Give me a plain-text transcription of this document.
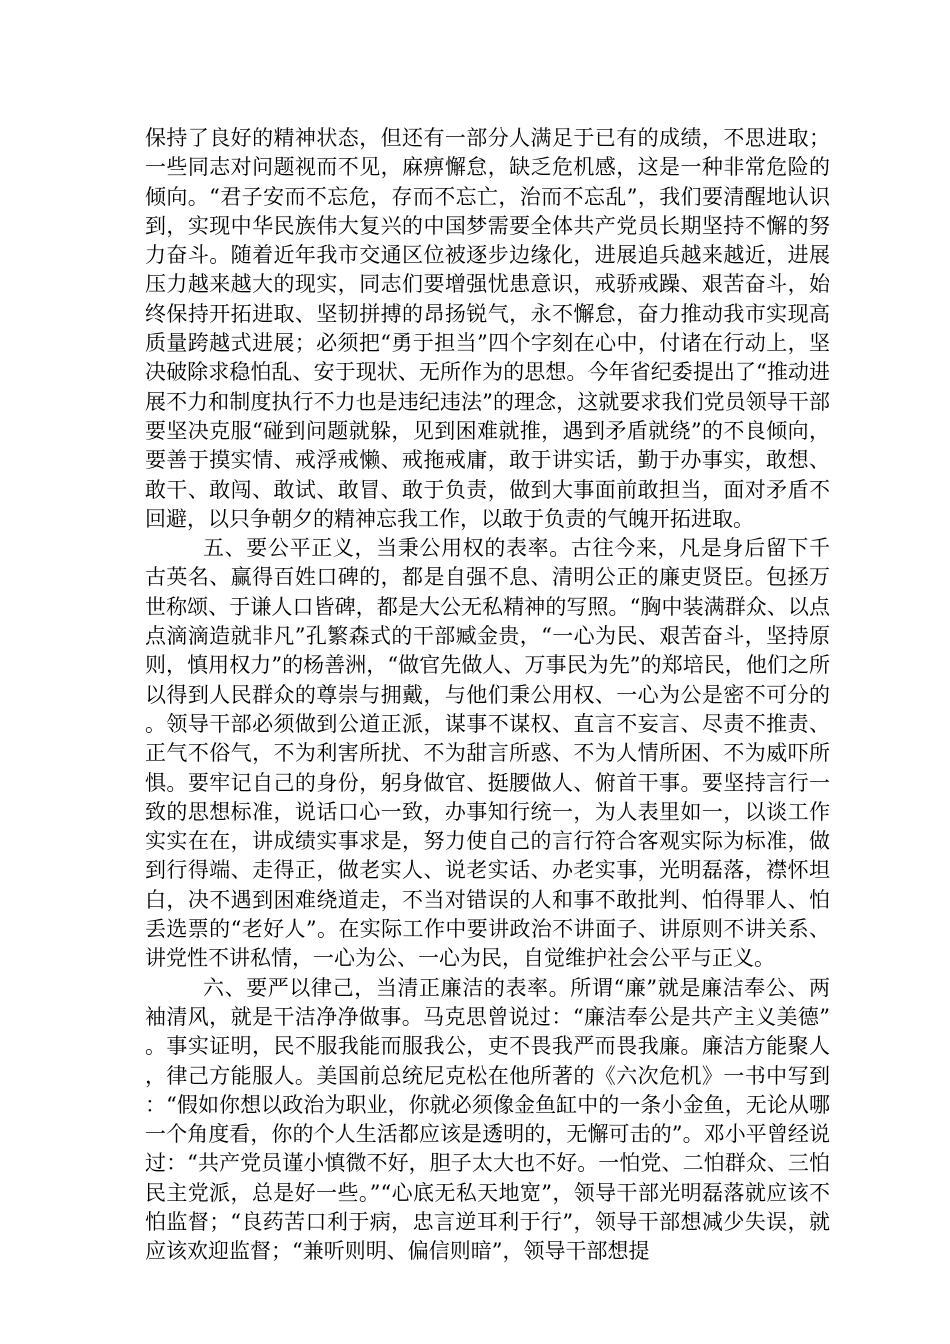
保持了良好的精神状态，但还有一部分人满足于已有的成绩，不思进取；一些同志对问题视而不见，麻痹懈怠，缺乏危机感，这是一种非常危险的倾向。“君子安而不忘危，存而不忘亡，治而不忘乱”，我们要清醒地认识到，实现中华民族伟大复兴的中国梦需要全体共产党员长期坚持不懈的努力奋斗。随着近年我市交通区位被逐步边缘化，进展追兵越来越近，进展压力越来越大的现实，同志们要增强忧患意识，戒骄戒躁、艰苦奋斗，始终保持开拓进取、坚韧拼搏的昂扬锐气，永不懈怠，奋力推动我市实现高质量跨越式进展；必须把“勇于担当”四个字刻在心中，付诸在行动上，坚决破除求稳怕乱、安于现状、无所作为的思想。今年省纪委提出了“推动进展不力和制度执行不力也是违纪违法”的理念，这就要求我们党员领导干部要坚决克服“碰到问题就躲，见到困难就推，遇到矛盾就绕”的不良倾向，要善于摸实情、戒浮戒懒、戒拖戒庸，敢于讲实话，勤于办事实，敢想、敢干、敢闯、敢试、敢冒、敢于负责，做到大事面前敢担当，面对矛盾不回避，以只争朝夕的精神忘我工作，以敢于负责的气魄开拓进取。

五、要公平正义，当秉公用权的表率。古往今来，凡是身后留下千古英名、赢得百姓口碑的，都是自强不息、清明公正的廉吏贤臣。包拯万世称颂、于谦人口皆碑，都是大公无私精神的写照。“胸中装满群众、以点点滴滴造就非凡”孔繁森式的干部臧金贵，“一心为民、艰苦奋斗，坚持原则，慎用权力”的杨善洲，“做官先做人、万事民为先”的郑培民，他们之所以得到人民群众的尊崇与拥戴，与他们秉公用权、一心为公是密不可分的。领导干部必须做到公道正派，谋事不谋权、直言不妄言、尽责不推责、正气不俗气，不为利害所扰、不为甜言所惑、不为人情所困、不为威吓所惧。要牢记自己的身份，躬身做官、挺腰做人、俯首干事。要坚持言行一致的思想标准，说话口心一致，办事知行统一，为人表里如一，以谈工作实实在在，讲成绩实事求是，努力使自己的言行符合客观实际为标准，做到行得端、走得正，做老实人、说老实话、办老实事，光明磊落，襟怀坦白，决不遇到困难绕道走，不当对错误的人和事不敢批判、怕得罪人、怕丢选票的“老好人”。在实际工作中要讲政治不讲面子、讲原则不讲关系、讲党性不讲私情，一心为公、一心为民，自觉维护社会公平与正义。

六、要严以律己，当清正廉洁的表率。所谓“廉”就是廉洁奉公、两袖清风，就是干洁净净做事。马克思曾说过：“廉洁奉公是共产主义美德”。事实证明，民不服我能而服我公，吏不畏我严而畏我廉。廉洁方能聚人，律己方能服人。美国前总统尼克松在他所著的《六次危机》一书中写到：“假如你想以政治为职业，你就必须像金鱼缸中的一条小金鱼，无论从哪一个角度看，你的个人生活都应该是透明的，无懈可击的”。邓小平曾经说过：“共产党员谨小慎微不好，胆子太大也不好。一怕党、二怕群众、三怕民主党派，总是好一些。”“心底无私天地宽”，领导干部光明磊落就应该不怕监督；“良药苦口利于病，忠言逆耳利于行”，领导干部想减少失误，就应该欢迎监督；“兼听则明、偏信则暗”，领导干部想提
